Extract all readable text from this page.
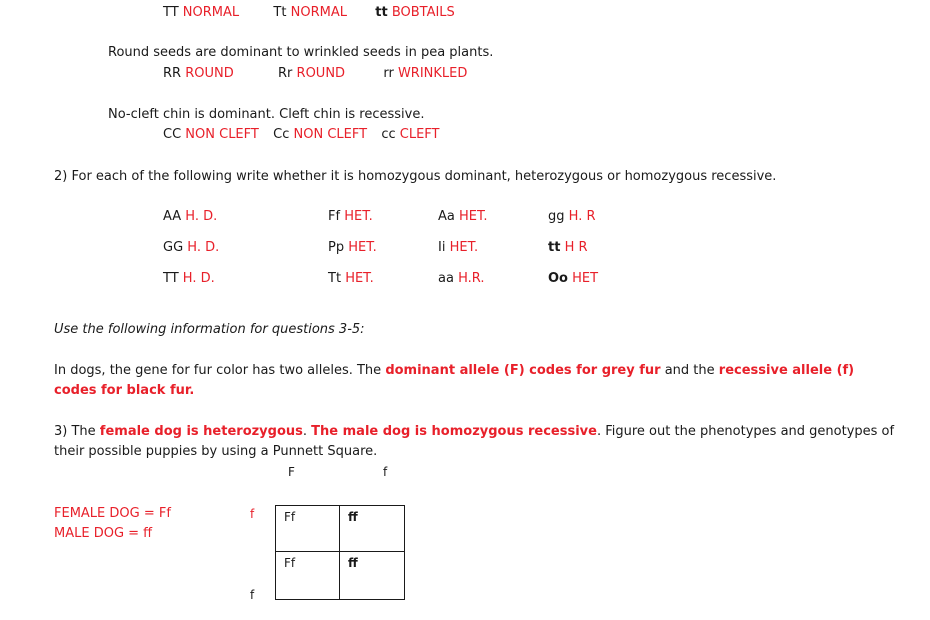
TT NORMAL	Tt NORMAL tt BOBTAILS
Round seeds are dominant to wrinkled seeds in pea plants.
RR ROUND	Rr ROUND	rr WRINKLED
No-cleft chin is dominant. Cleft chin is recessive.
CC NON CLEFT Cc NON CLEFT cc CLEFT
2) For each of the following write whether it is homozygous dominant, heterozygous or homozygous recessive.
AA H. D.	Ff HET.	Aa HET.	gg H. R
GG H. D.	Pp HET.	Ii HET.	tt H R
TT H. D.	Tt HET.	aa H.R.	Oo HET
Use the following information for questions 3-5:
In dogs, the gene for fur color has two alleles. The dominant allele (F) codes for grey fur and the recessive allele (f)
codes for black fur.
3) The female dog is heterozygous. The male dog is homozygous recessive. Figure out the phenotypes and genotypes of
their possible puppies by using a Punnett Square.
F	f
f
f
Ff	ff
Ff	ff
FEMALE DOG = Ff
MALE DOG = ff
